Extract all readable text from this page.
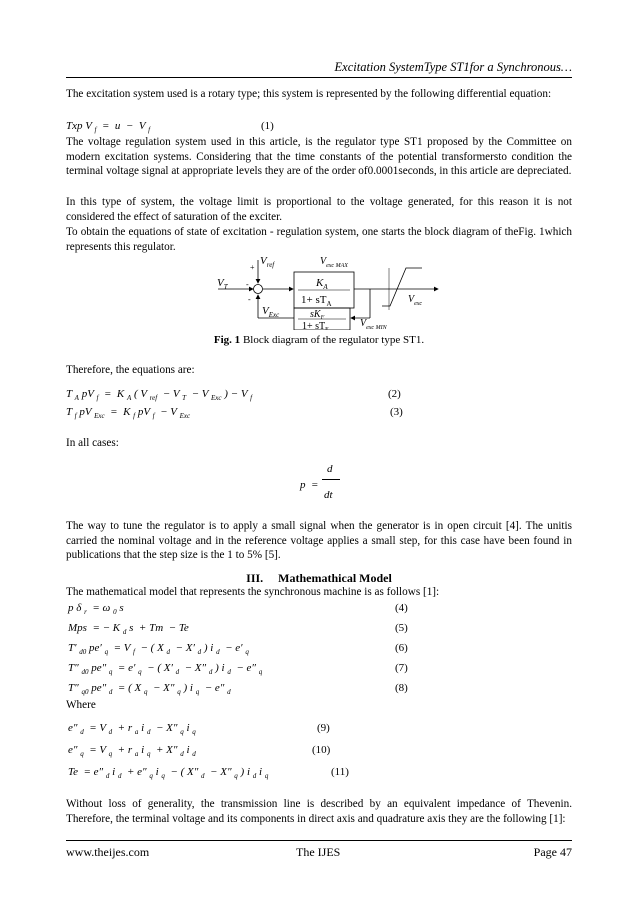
Excitation SystemType ST1for a Synchronous…

The excitation system used is a rotary type; this system is represented by the following differential equation:

Txp V $_f$  =  u  −  V $_f$	(1)

The voltage regulation system used in this article, is the regulator type ST1 proposed by the Committee on modern excitation systems. Considering that the time constants of the potential transformersto condition the terminal voltage signal at appropriate levels they are of the order of0.0001seconds, in this article are depreciated.

In this type of system, the voltage limit is proportional to the voltage generated, for this reason it is not considered the effect of saturation of the exciter.

To obtain the equations of state of excitation - regulation system, one starts the block diagram of theFig. 1which represents this regulator.

$K_A$
$1+ sT_A$
$sK_F$
$1+ sT_F$
$V_{ref}$
+
$V_T$ -
-
$V_{Exc}$
$V_{exc MAX}$
$V_{exc MIN}$
$V_{exc}$
Fig. 1 Block diagram of the regulator type ST1.

Therefore, the equations are:

T $_A$ pV $_f$  =  K $_A$ ( V $_{ref}$  − V $_T$  − V $_{Exc}$ ) − V $_f$	(2)
T $_f$ pV $_{Exc}$  =  K $_f$ pV $_f$  − V $_{Exc}$	(3)

In all cases:

p  =
d
dt

The way to tune the regulator is to apply a small signal when the generator is in open circuit [4]. The unitis carried the nominal voltage and in the reference voltage applies a small step, for this case have been found in publications that the step size is the 1 to 5% [5].

III. Mathemathical Model

The mathematical model that represents the synchronous machine is as follows [1]:

p δ $_r$  = ω $_0$ s	(4)
Mps  = − K $_d$ s  + Tm  − Te	(5)
T′ $_{d0}$ pe′ $_q$  = V $_f$  − ( X $_d$  − X′ $_d$ ) i $_d$  − e′ $_q$	(6)
T″ $_{d0}$ pe″ $_q$  = e′ $_q$  − ( X′ $_d$  − X″ $_d$ ) i $_d$  − e″ $_q$	(7)
T″ $_{q0}$ pe″ $_d$  = ( X $_q$  − X″ $_q$ ) i $_q$  − e″ $_d$	(8)

Where

e″ $_d$  = V $_d$  + r $_a$ i $_d$  − X″ $_q$ i $_q$	(9)
e″ $_q$  = V $_q$  + r $_a$ i $_q$  + X″ $_d$ i $_d$	(10)
Te  = e″ $_d$ i $_d$  + e″ $_q$ i $_q$  − ( X″ $_d$  − X″ $_q$ ) i $_d$ i $_q$	(11)

Without loss of generality, the transmission line is described by an equivalent impedance of Thevenin. Therefore, the terminal voltage and its components in direct axis and quadrature axis they are the following [1]:

www.theijes.com	The IJES	Page 47
